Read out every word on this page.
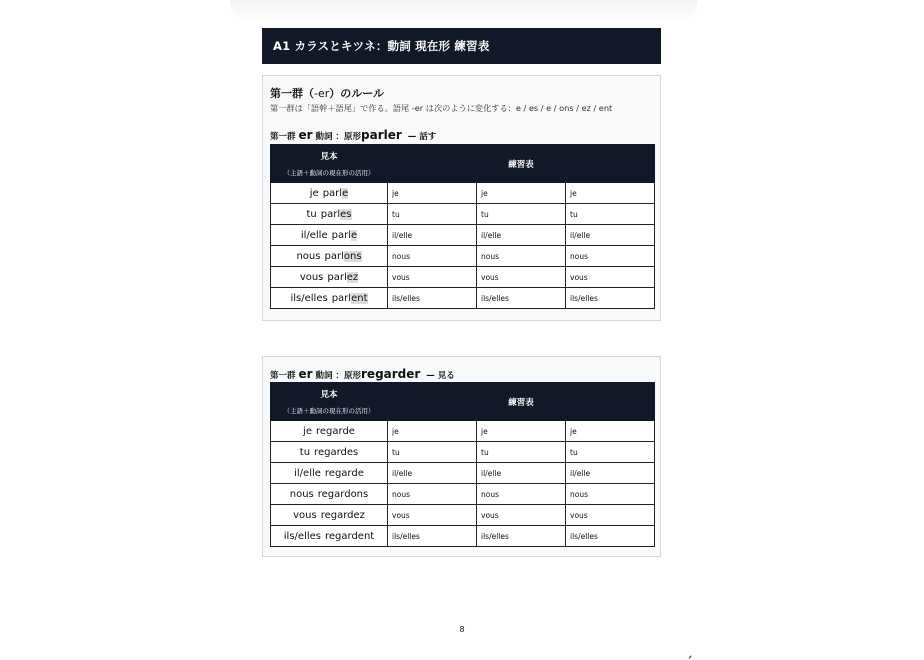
A1 カラスとキツネ：動詞 現在形 練習表
第一群（-er）のルール
第一群は「語幹＋語尾」で作る。語尾 -er は次のように変化する：e / es / e / ons / ez / ent
第一群 er 動詞 ：原形parler — 話す
見本
（主語＋動詞の現在形の活用）	練習表		
je parle	je	je	je
tu parles	tu	tu	tu
il/elle parle	il/elle	il/elle	il/elle
nous parlons	nous	nous	nous
vous parlez	vous	vous	vous
ils/elles parlent	ils/elles	ils/elles	ils/elles
第一群 er 動詞 ：原形regarder — 見る
見本
（主語＋動詞の現在形の活用）	練習表		
je regarde	je	je	je
tu regardes	tu	tu	tu
il/elle regarde	il/elle	il/elle	il/elle
nous regardons	nous	nous	nous
vous regardez	vous	vous	vous
ils/elles regardent	ils/elles	ils/elles	ils/elles
8
ˏ
